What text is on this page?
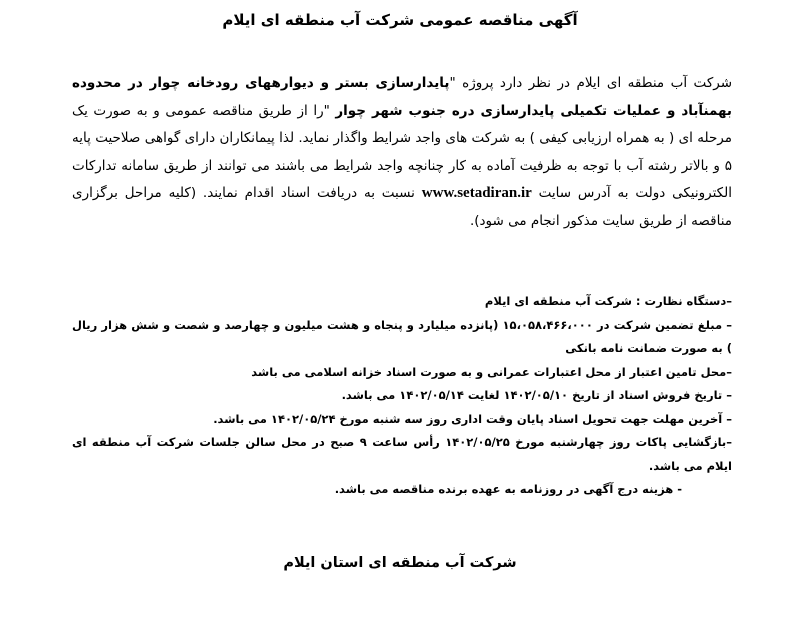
آگهی مناقصه عمومی شرکت آب منطقه ای ایلام
شرکت آب منطقه ای ایلام در نظر دارد پروژه "پایدارسازی بستر و دیوارههای رودخانه چوار در محدوده بهمنآباد و عملیات تکمیلی پایدارسازی دره جنوب شهر چوار "را از طریق مناقصه عمومی و به صورت یک مرحله ای ( به همراه ارزیابی کیفی ) به شرکت های واجد شرایط واگذار نماید. لذا پیمانکاران دارای گواهی صلاحیت پایه ۵ و بالاتر رشته آب با توجه به ظرفیت آماده به کار چنانچه واجد شرایط می باشند می توانند از طریق سامانه تدارکات الکترونیکی دولت به آدرس سایت www.setadiran.ir نسبت به دریافت اسناد اقدام نمایند. (کلیه مراحل برگزاری مناقصه از طریق سایت مذکور انجام می شود).
–دستگاه نظارت : شرکت آب منطقه ای ایلام
– مبلغ تضمین شرکت در ۱۵،۰۵۸،۴۶۶،۰۰۰ (پانزده میلیارد و پنجاه و هشت میلیون و چهارصد و شصت و شش هزار ریال ) به صورت ضمانت نامه بانکی
–محل تامین اعتبار از محل اعتبارات عمرانی و به صورت اسناد خزانه اسلامی می باشد
– تاریخ فروش اسناد از تاریخ ۱۴۰۲/۰۵/۱۰ لغایت ۱۴۰۲/۰۵/۱۴ می باشد.
– آخرین مهلت جهت تحویل اسناد پایان وقت اداری روز سه شنبه مورخ ۱۴۰۲/۰۵/۲۴ می باشد.
–بازگشایی پاکات روز چهارشنبه مورخ ۱۴۰۲/۰۵/۲۵ رأس ساعت ۹ صبح در محل سالن جلسات شرکت آب منطقه ای ایلام می باشد.
- هزینه درج آگهی در روزنامه به عهده برنده مناقصه می باشد.
شرکت آب منطقه ای استان ایلام
